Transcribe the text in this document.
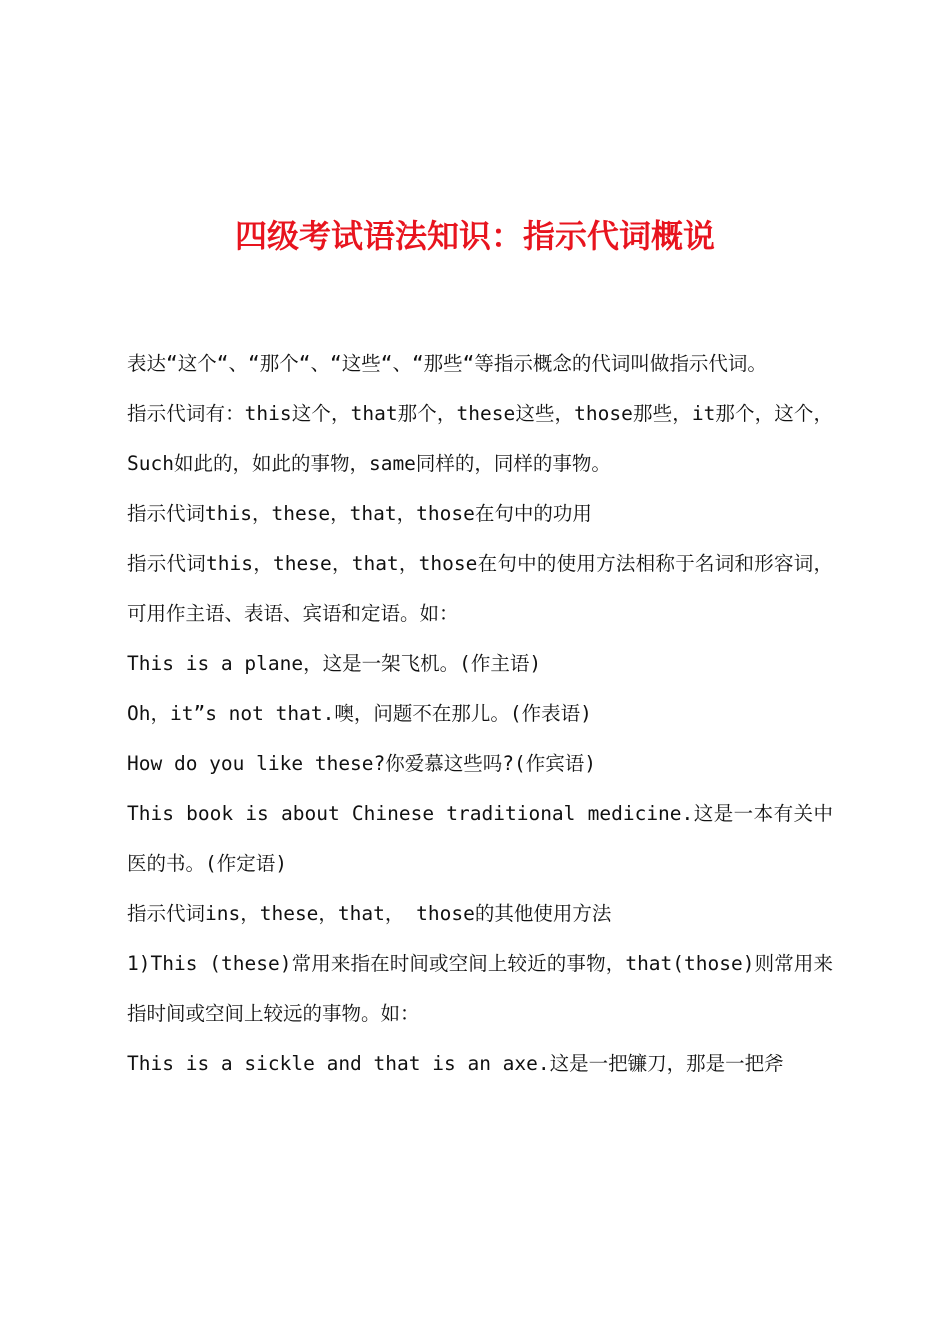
四级考试语法知识：指示代词概说

表达“这个“、“那个“、“这些“、“那些“等指示概念的代词叫做指示代词。

指示代词有：this这个，that那个，these这些，those那些，it那个，这个，Such如此的，如此的事物，same同样的，同样的事物。

指示代词this，these，that，those在句中的功用

指示代词this，these，that，those在句中的使用方法相称于名词和形容词，可用作主语、表语、宾语和定语。如：

This is a plane，这是一架飞机。(作主语)

Oh，it”s not that.噢，问题不在那儿。(作表语)

How do you like these?你爱慕这些吗?(作宾语)

This book is about Chinese traditional medicine.这是一本有关中医的书。(作定语)

指示代词ins，these，that， those的其他使用方法

1)This (these)常用来指在时间或空间上较近的事物，that(those)则常用来指时间或空间上较远的事物。如：

This is a sickle and that is an axe.这是一把镰刀，那是一把斧
